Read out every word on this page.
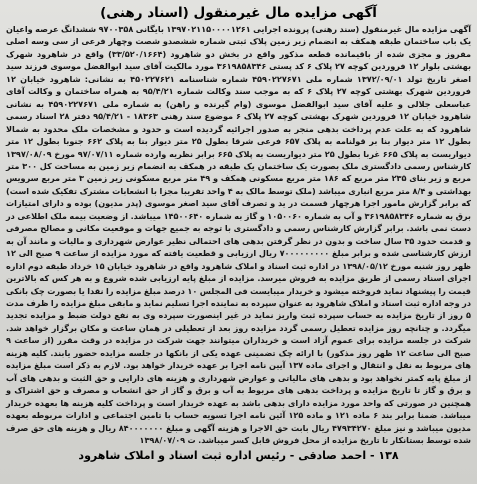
آگهی مزایده مال غیرمنقول (اسناد رهنی)
آگهی مزایده مال غیرمنقول (سند رهنی) پرونده اجرایی ۱۳۹۷۰۲۱۱۵۰۰۰۰۱۲۶۱ بایگانی ۹۷۰۰۳۵۸ ششدانگ عرصه واعیان یک باب ساختمان طبقه همکف به انضمام زیر زمین پلاک ثبتی شماره ششصدو شصت وچهار فرعی از سی وسه اصلی مفروز و مجزی شده از باقیمانده قطعه مذکور واقع در بخش دو شاهرود (۳۳/۵۲۰/۱۶۶۴) واقع در شاهرود شهرک بهشتی بلوار ۱۲ فروردین کوچه ۲۷ پلاک ۶ کد پستی ۳۶۱۹۸۵۸۳۴۶ مورد مالکیت آقای سید ابوالفضل موسوی فرزند سید اصغر تاریخ تولد ۱۳۷۲/۰۹/۰۱ شماره ملی ۴۵۹۰۲۲۷۶۷۱ شماره شناسنامه ۴۵۰۲۲۷۶۲۱ به نشانی: شاهرود خیابان ۱۲ فروردین شهرک بهشتی کوچه ۲۷ پلاک ۶ که به موجب سند وکالت شماره ۹۵/۴/۲۱ به همراه ساختمان و وکالت آقای عباسعلی جلالی و علیه آقای سید ابوالفضل موسوی (وام گیرنده و راهن) به شماره ملی ۴۵۹۰۲۲۷۶۷۱ به نشانی شاهرود خیابان ۱۲ فروردین شهرک بهشتی کوچه ۲۷ پلاک ۶ موضوع سند رهنی ۱۸۳۶۳ - ۹۵/۴/۲۱ دفتر ۲۸ اسناد رسمی شاهرود که به علت عدم پرداخت بدهی منجر به صدور اجرائیه گردیده است و حدود و مشخصات ملک محدود به شمالا بطول ۱۲ متر دیوار بنا بر قولنامه به پلاک ۶۵۷ فرعی شرقا بطول ۲۵ متر دیوار بنا به پلاک ۶۶۲ جنوبا بطول ۱۲ متر دیواریست به پلاک ۶۶۵ غربا بطول ۲۵ متر دیواریست به پلاک ۶۶۵ برابر نظریه وارده شماره ۹۷/۰۷/۱۱ مورخ ۱۳۹۷/۰۸/۰۹ کارشناس رسمی دادگستری ملک بصورت یک ساختمان یک طبقه در همکف به انضمام زیر زمین به مساحت کل ۳۰۰ متر مربع و زیر بنای ۲۳۵ متر مربع که ۱۸۶ متر مربع مسکونی همکف و ۴۹ متر مربع مسکونی زیر زمین ۳ متر مربع سرویس بهداشتی و ۸/۴ متر مربع انباری میباشد (ملک توسط مالک به ۴ واحد تقریبا مجزا با انشعابات مشترک تفکیک شده است) که برابر گزارش مامور اجرا هرچهار قسمت در ید و تصرف آقای سید اصغر موسوی (پدر مدیون) بوده و دارای امتیازات برق به شماره ۳۶۱۹۸۵۸۳۴۶ و آب به شماره ۱۰۵۰۰۶۰ و گاز به شماره ۱۴۵۰۰۶۴۰ میباشد. از وضعیت بیمه ملک اطلاعی در دست نمی باشد. برابر گزارش کارشناس رسمی و دادگستری با توجه به جمیع جهات و موقعیت مکانی و مصالح مصرفی و قدمت حدود ۳۵ سال ساخت و بدون در نظر گرفتن بدهی های احتمالی نظیر عوارض شهرداری و مالیات و مانند آن به ارزش کارشناسی شده و برابر مبلغ ۷۰۰۰۰۰۰۰۰۰ ریال ارزیابی و قطعیت یافته که مورد مزایده از ساعت ۹ صبح الی ۱۲ ظهر روز شنبه مورخ ۱۳۹۸/۰۵/۱۲ در اداره ثبت اسناد و املاک شاهرود واقع در شاهرود خیابان ۱۵ خرداد طبقه دوم اداره اجرای اسناد رسمی از طریق مزایده به فروش میرسد. مزایده از مبلغ پایه ارزیابی شده شروع و به هر کس که بالاترین قیمت را پیشنهاد نماید فروخته میشود و خریدار میبایست فی المجلس ۱۰ درصد مبلغ مزایده را نقدا یا بصورت چک بانکی در وجه اداره ثبت اسناد و املاک شاهرود به عنوان سپرده به نماینده اجرا تسلیم نماید و مابقی مبلغ مزایده را ظرف مدت ۵ روز از تاریخ مزایده به حساب سپرده ثبت واریز نماید در غیر اینصورت سپرده وی به نفع دولت ضبط و مزایده تجدید میگردد. و چنانچه روز مزایده تعطیل رسمی گردد مزایده روز بعد از تعطیلی در همان ساعت و مکان برگزار خواهد شد. شرکت در جلسه مزایده برای عموم آزاد است و خریداران میتوانند جهت شرکت در مزایده در وقت مقرر (از ساعت ۹ صبح الی ساعت ۱۲ ظهر روز مذکور) با ارائه چک تضمینی عهده یکی از بانکها در جلسه مزایده حضور یابند. کلیه هزینه های مربوط به نقل و انتقال و اجرای ماده ۱۳۷ آیین نامه اجرا بر عهده خریدار خواهد بود. لازم به ذکر است مبلغ مزایده از مبلغ پایه کمتر نخواهد بود و بدهی های مالیاتی و عوارض شهرداری و هزینه های دارایی و حق الثبت و بدهی های آب و برق و گاز تا تاریخ مزایده و پرداخت بدهی های مربوط به آب و برق و گاز از حق انشعاب و مصرف و حق اشتراک و همچنین در صورتی که واحد مورد مزایده دارای بدهی باشد به عهده خریدار است و پرداخت کلیه هزینه ها بعهده خریدار میباشد. ضمنا برابر بند ۶ ماده ۱۲۱ و ماده ۱۲۵ آئین نامه اجرا تسویه حساب با تامین اجتماعی و ادارات مربوطه بعهده مدیون میباشد و نیز مبلغ ۴۷۹۳۴۲۷۰ ریال بابت حق الاجرا و هزینه آگهی و مبلغ ۸۴۰۰۰۰۰۰۰ ریال و هزینه های حق صرف شده توسط بستانکار تا تاریخ مزایده از محل فروش قابل کسر میباشد. ت ۱۳۹۸/۰۷/۰۹
۱۳۸ - احمد صادقی - رئیس اداره ثبت اسناد و املاک شاهرود
